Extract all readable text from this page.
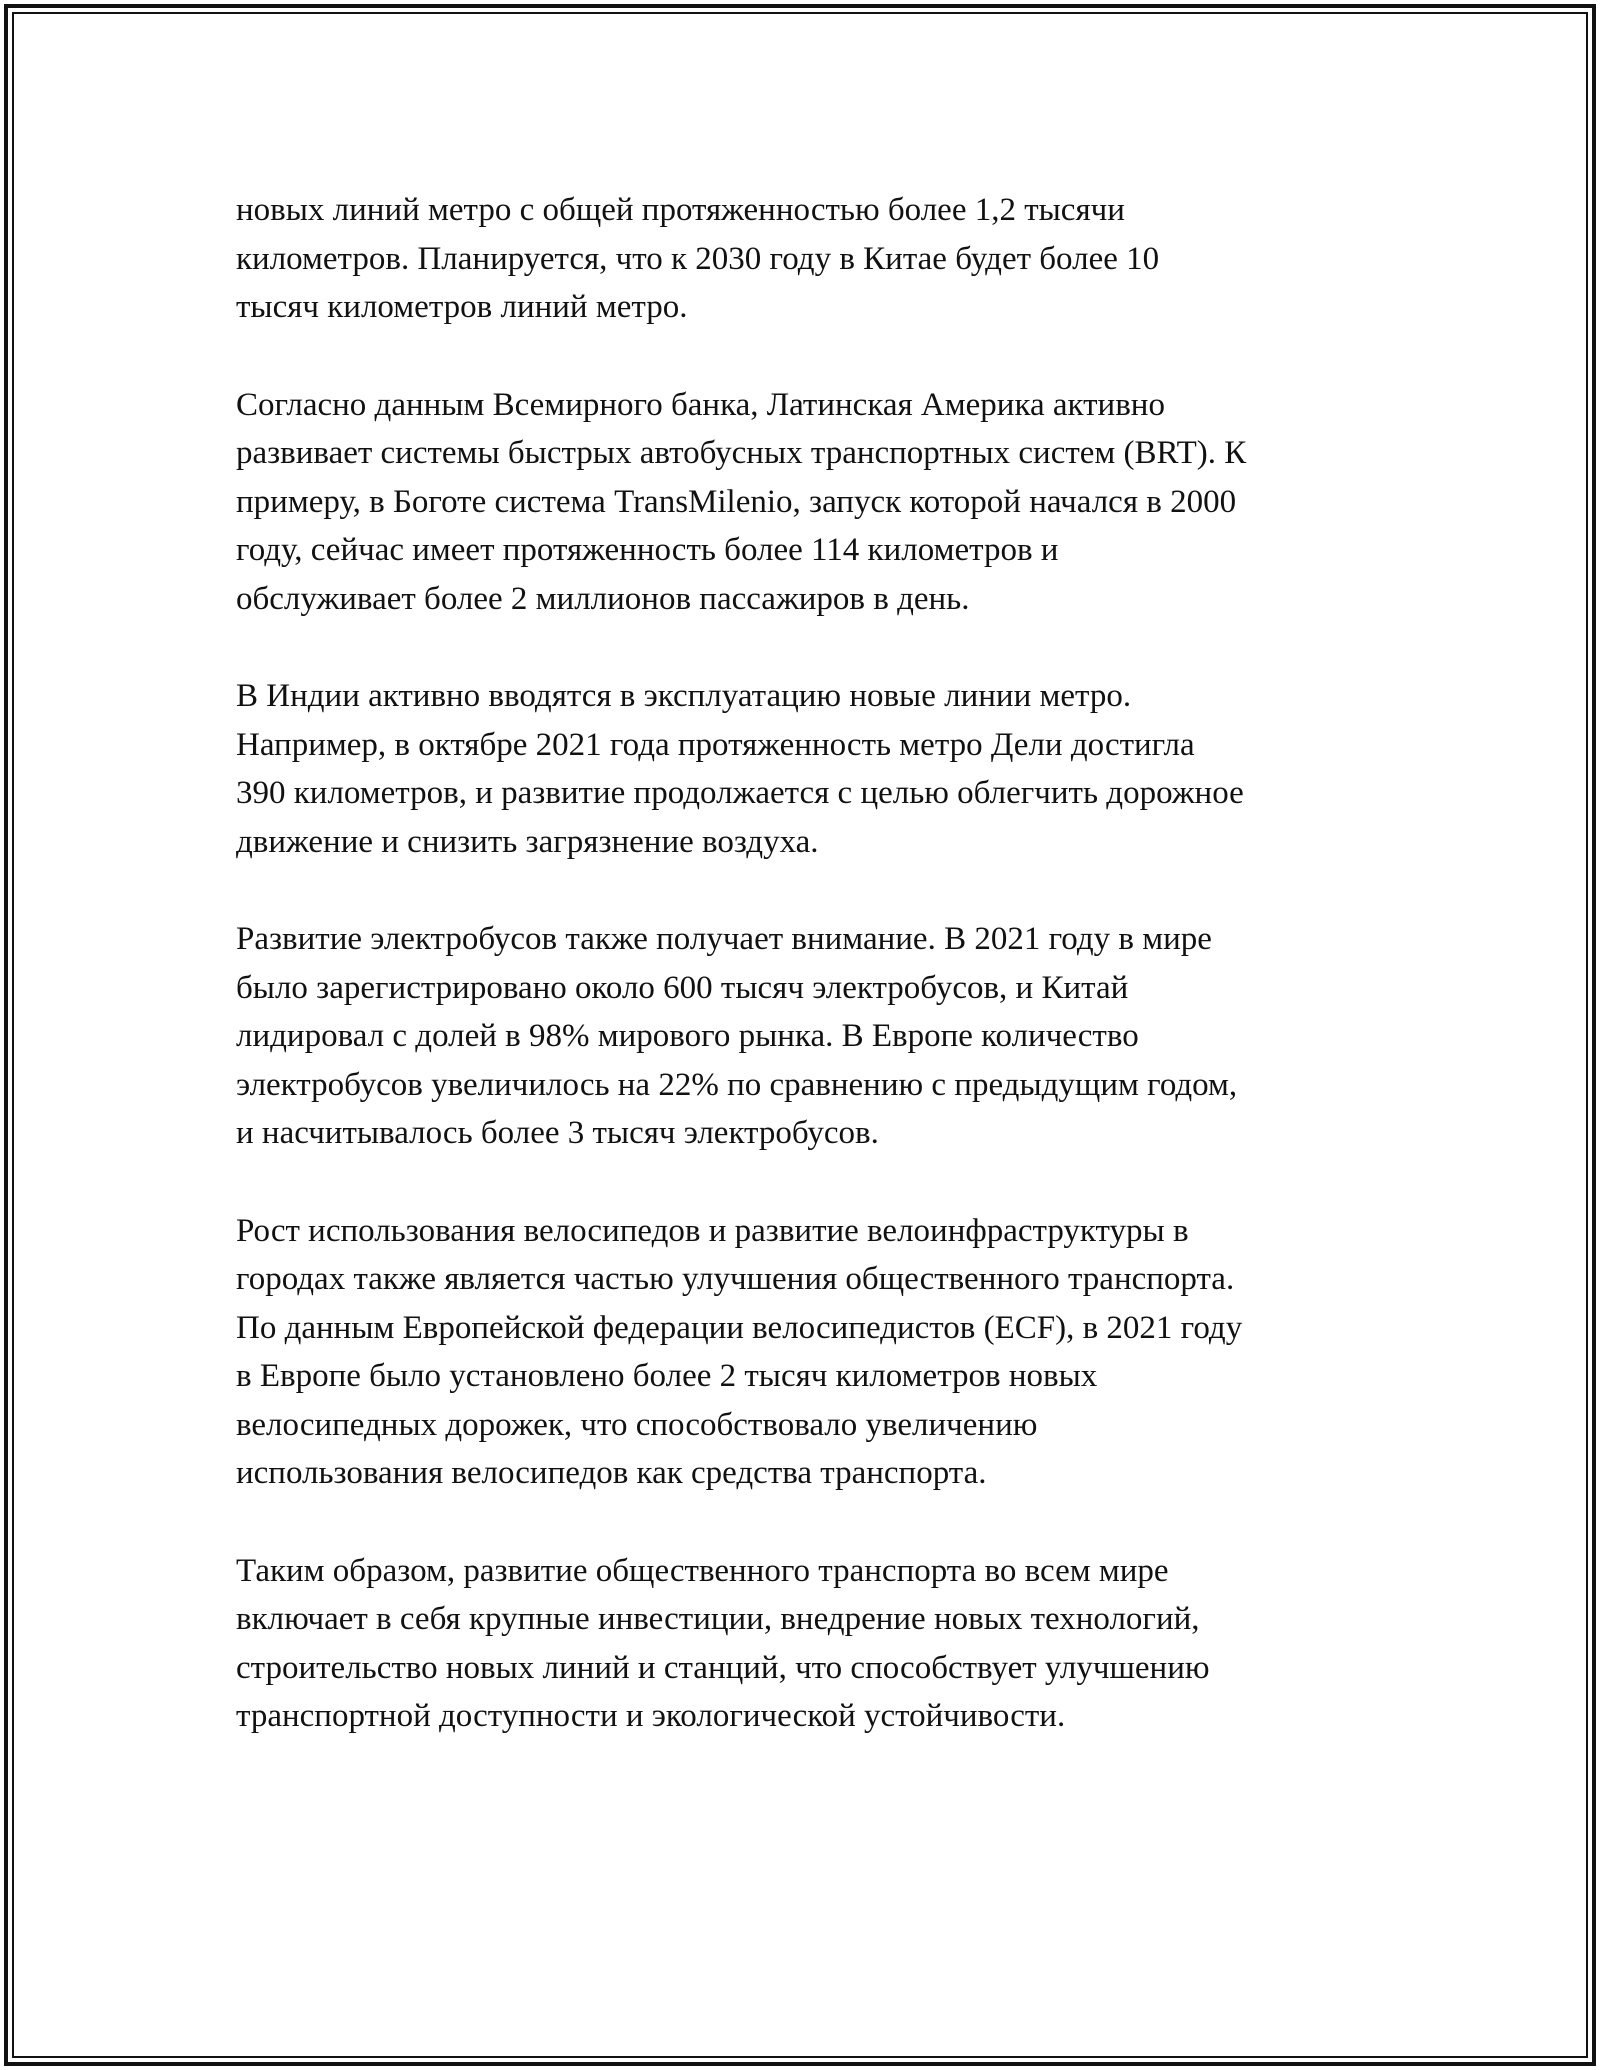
новых линий метро с общей протяженностью более 1,2 тысячи
километров. Планируется, что к 2030 году в Китае будет более 10
тысяч километров линий метро.

Согласно данным Всемирного банка, Латинская Америка активно
развивает системы быстрых автобусных транспортных систем (BRT). К
примеру, в Боготе система TransMilenio, запуск которой начался в 2000
году, сейчас имеет протяженность более 114 километров и
обслуживает более 2 миллионов пассажиров в день.

В Индии активно вводятся в эксплуатацию новые линии метро.
Например, в октябре 2021 года протяженность метро Дели достигла
390 километров, и развитие продолжается с целью облегчить дорожное
движение и снизить загрязнение воздуха.

Развитие электробусов также получает внимание. В 2021 году в мире
было зарегистрировано около 600 тысяч электробусов, и Китай
лидировал с долей в 98% мирового рынка. В Европе количество
электробусов увеличилось на 22% по сравнению с предыдущим годом,
и насчитывалось более 3 тысяч электробусов.

Рост использования велосипедов и развитие велоинфраструктуры в
городах также является частью улучшения общественного транспорта.
По данным Европейской федерации велосипедистов (ECF), в 2021 году
в Европе было установлено более 2 тысяч километров новых
велосипедных дорожек, что способствовало увеличению
использования велосипедов как средства транспорта.

Таким образом, развитие общественного транспорта во всем мире
включает в себя крупные инвестиции, внедрение новых технологий,
строительство новых линий и станций, что способствует улучшению
транспортной доступности и экологической устойчивости.
